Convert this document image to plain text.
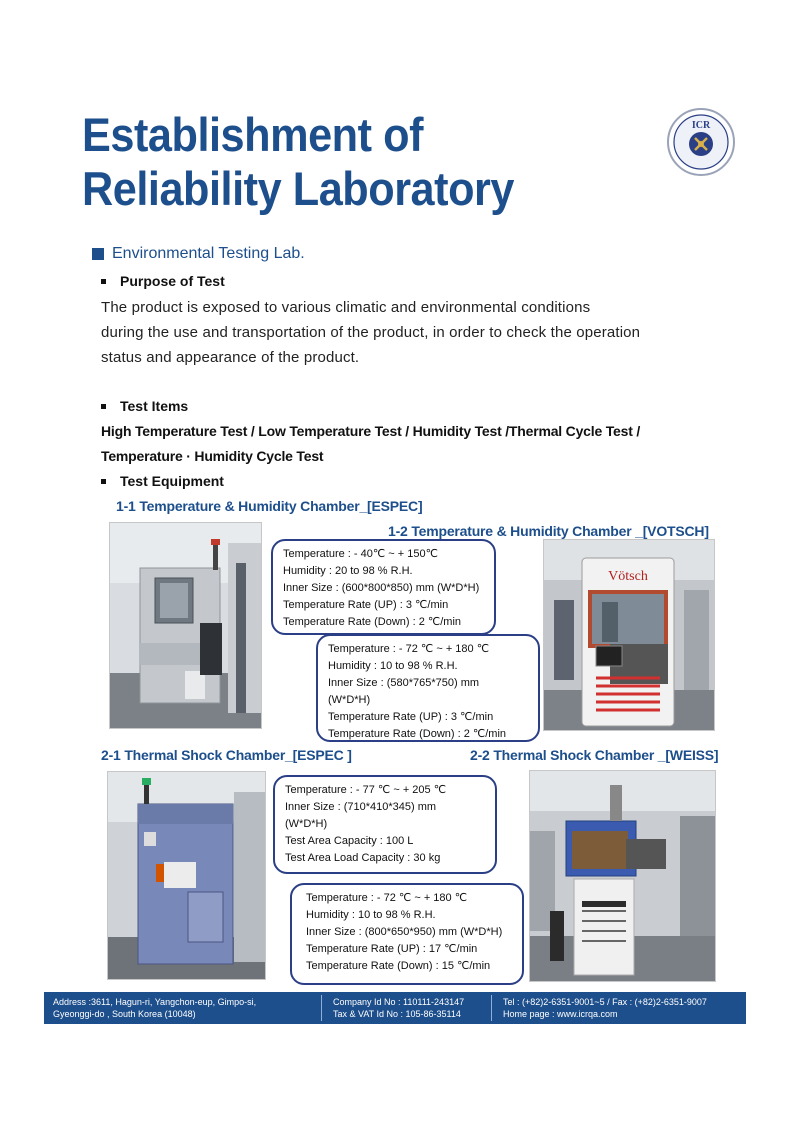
Establishment of
Reliability Laboratory
ICR
Environmental Testing Lab.
Purpose of Test
The product is exposed to various climatic and environmental conditions
during the use and transportation of the product, in order to check the operation
status and appearance of the product.
Test Items
High Temperature Test / Low Temperature Test / Humidity Test /Thermal Cycle Test /
Temperature · Humidity Cycle Test
Test Equipment
1-1 Temperature & Humidity Chamber_[ESPEC]
1-2 Temperature & Humidity Chamber _[VOTSCH]
2-1 Thermal Shock Chamber_[ESPEC ]	2-2 Thermal Shock Chamber _[WEISS]
Vötsch
Temperature : - 40℃ ~ + 150℃
Humidity : 20 to 98 % R.H.
Inner Size : (600*800*850) mm (W*D*H)
Temperature Rate (UP) : 3 ℃/min
Temperature Rate (Down) : 2 ℃/min
Temperature : - 72 ℃ ~ + 180 ℃
Humidity : 10 to 98 % R.H.
Inner Size : (580*765*750) mm
(W*D*H)
Temperature Rate (UP) : 3 ℃/min
Temperature Rate (Down) : 2 ℃/min
Temperature : - 77 ℃ ~ + 205 ℃
Inner Size : (710*410*345) mm
(W*D*H)
Test Area Capacity : 100 L
Test Area Load Capacity : 30 kg
Temperature : - 72 ℃ ~ + 180 ℃
Humidity : 10 to 98 % R.H.
Inner Size : (800*650*950) mm (W*D*H)
Temperature Rate (UP) : 17 ℃/min
Temperature Rate (Down) : 15 ℃/min
Address :3611, Hagun-ri, Yangchon-eup, Gimpo-si,
Gyeonggi-do , South Korea (10048)
Company Id No : 110111-243147
Tax & VAT Id No : 105-86-35114
Tel : (+82)2-6351-9001~5 / Fax : (+82)2-6351-9007
Home page : www.icrqa.com
